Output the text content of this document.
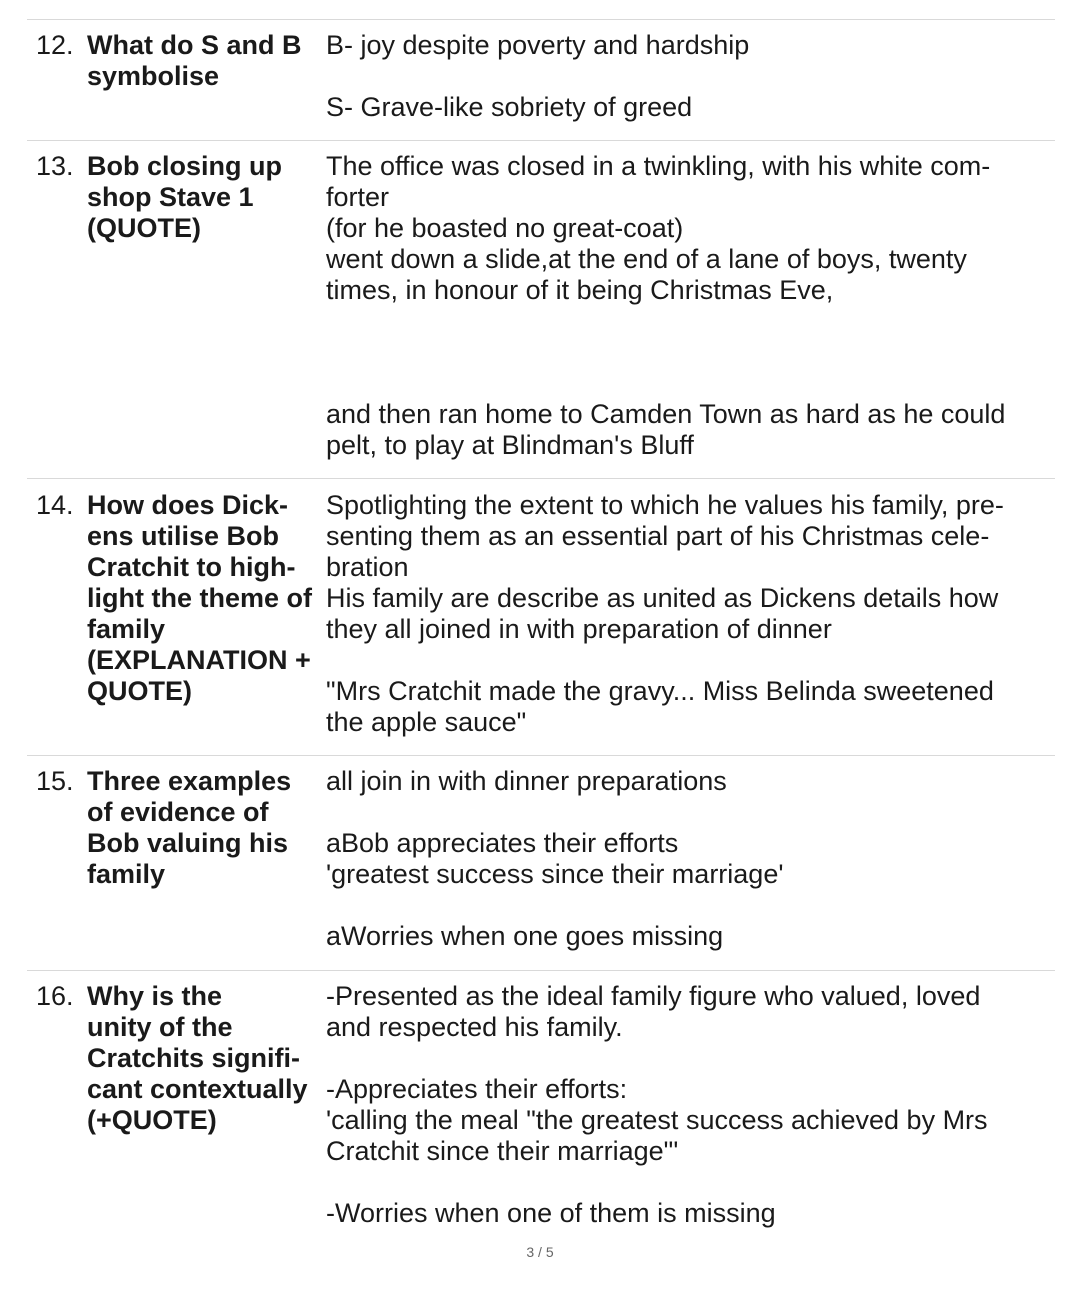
12. What do S and B
symbolise
B- joy despite poverty and hardship
S- Grave-like sobriety of greed
13. Bob closing up
shop Stave 1
(QUOTE)
The office was closed in a twinkling, with his white com-
forter
(for he boasted no great-coat)
went down a slide,at the end of a lane of boys, twenty
times, in honour of it being Christmas Eve,
and then ran home to Camden Town as hard as he could
pelt, to play at Blindman's Bluff
14. How does Dick-
ens utilise Bob
Cratchit to high-
light the theme of
family
(EXPLANATION +
QUOTE)
Spotlighting the extent to which he values his family, pre-
senting them as an essential part of his Christmas cele-
bration
His family are describe as united as Dickens details how
they all joined in with preparation of dinner
"Mrs Cratchit made the gravy... Miss Belinda sweetened
the apple sauce"
15. Three examples
of evidence of
Bob valuing his
family
all join in with dinner preparations
aBob appreciates their efforts
'greatest success since their marriage'
aWorries when one goes missing
16. Why is the
unity of the
Cratchits signifi-
cant contextually
(+QUOTE)
-Presented as the ideal family figure who valued, loved
and respected his family.
-Appreciates their efforts:
'calling the meal "the greatest success achieved by Mrs
Cratchit since their marriage"'
-Worries when one of them is missing
3 / 5
